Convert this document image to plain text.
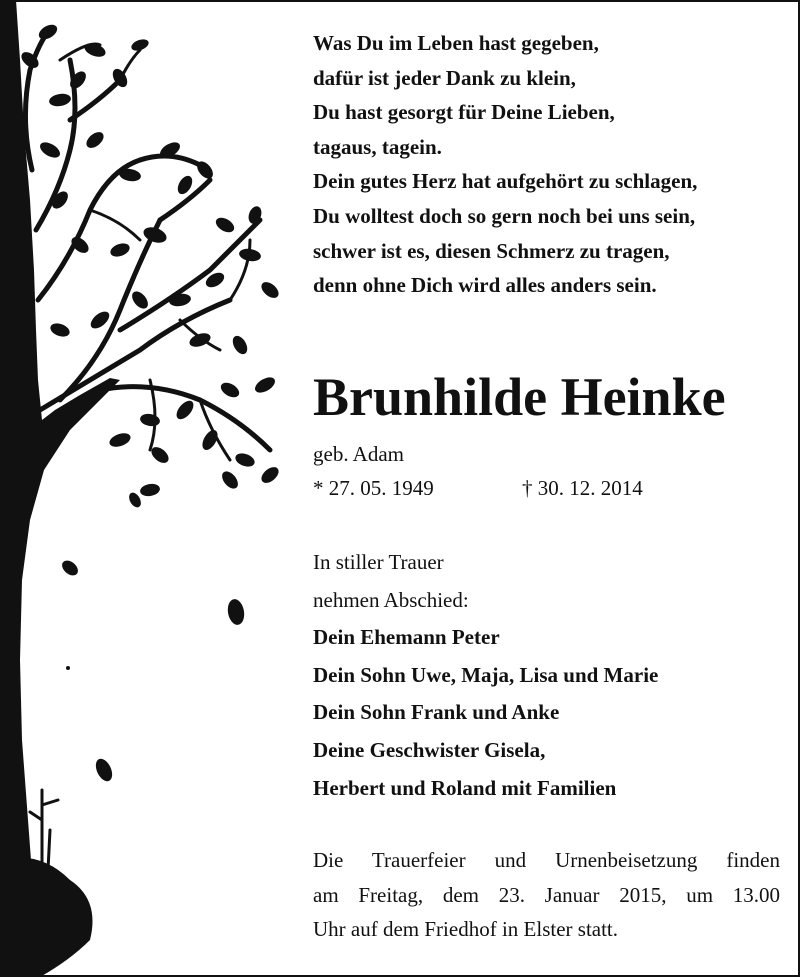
Was Du im Leben hast gegeben,
dafür ist jeder Dank zu klein,
Du hast gesorgt für Deine Lieben,
tagaus, tagein.
Dein gutes Herz hat aufgehört zu schlagen,
Du wolltest doch so gern noch bei uns sein,
schwer ist es, diesen Schmerz zu tragen,
denn ohne Dich wird alles anders sein.
Brunhilde Heinke
geb. Adam
* 27. 05. 1949	† 30. 12. 2014
In stiller Trauer
nehmen Abschied:
Dein Ehemann Peter
Dein Sohn Uwe, Maja, Lisa und Marie
Dein Sohn Frank und Anke
Deine Geschwister Gisela,
Herbert und Roland mit Familien
Die Trauerfeier und Urnenbeisetzung finden
am Freitag, dem 23. Januar 2015, um 13.00
Uhr auf dem Friedhof in Elster statt.
